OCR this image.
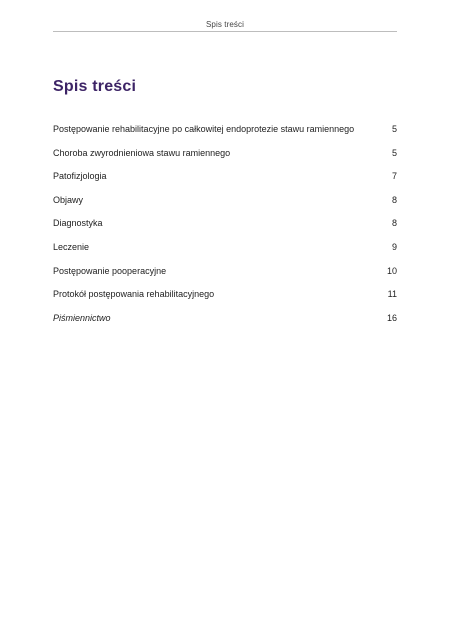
Spis treści
Spis treści
Postępowanie rehabilitacyjne po całkowitej endoprotezie stawu ramiennego	5
Choroba zwyrodnieniowa stawu ramiennego	5
Patofizjologia	7
Objawy	8
Diagnostyka	8
Leczenie	9
Postępowanie pooperacyjne	10
Protokół postępowania rehabilitacyjnego	11
Piśmiennictwo	16
